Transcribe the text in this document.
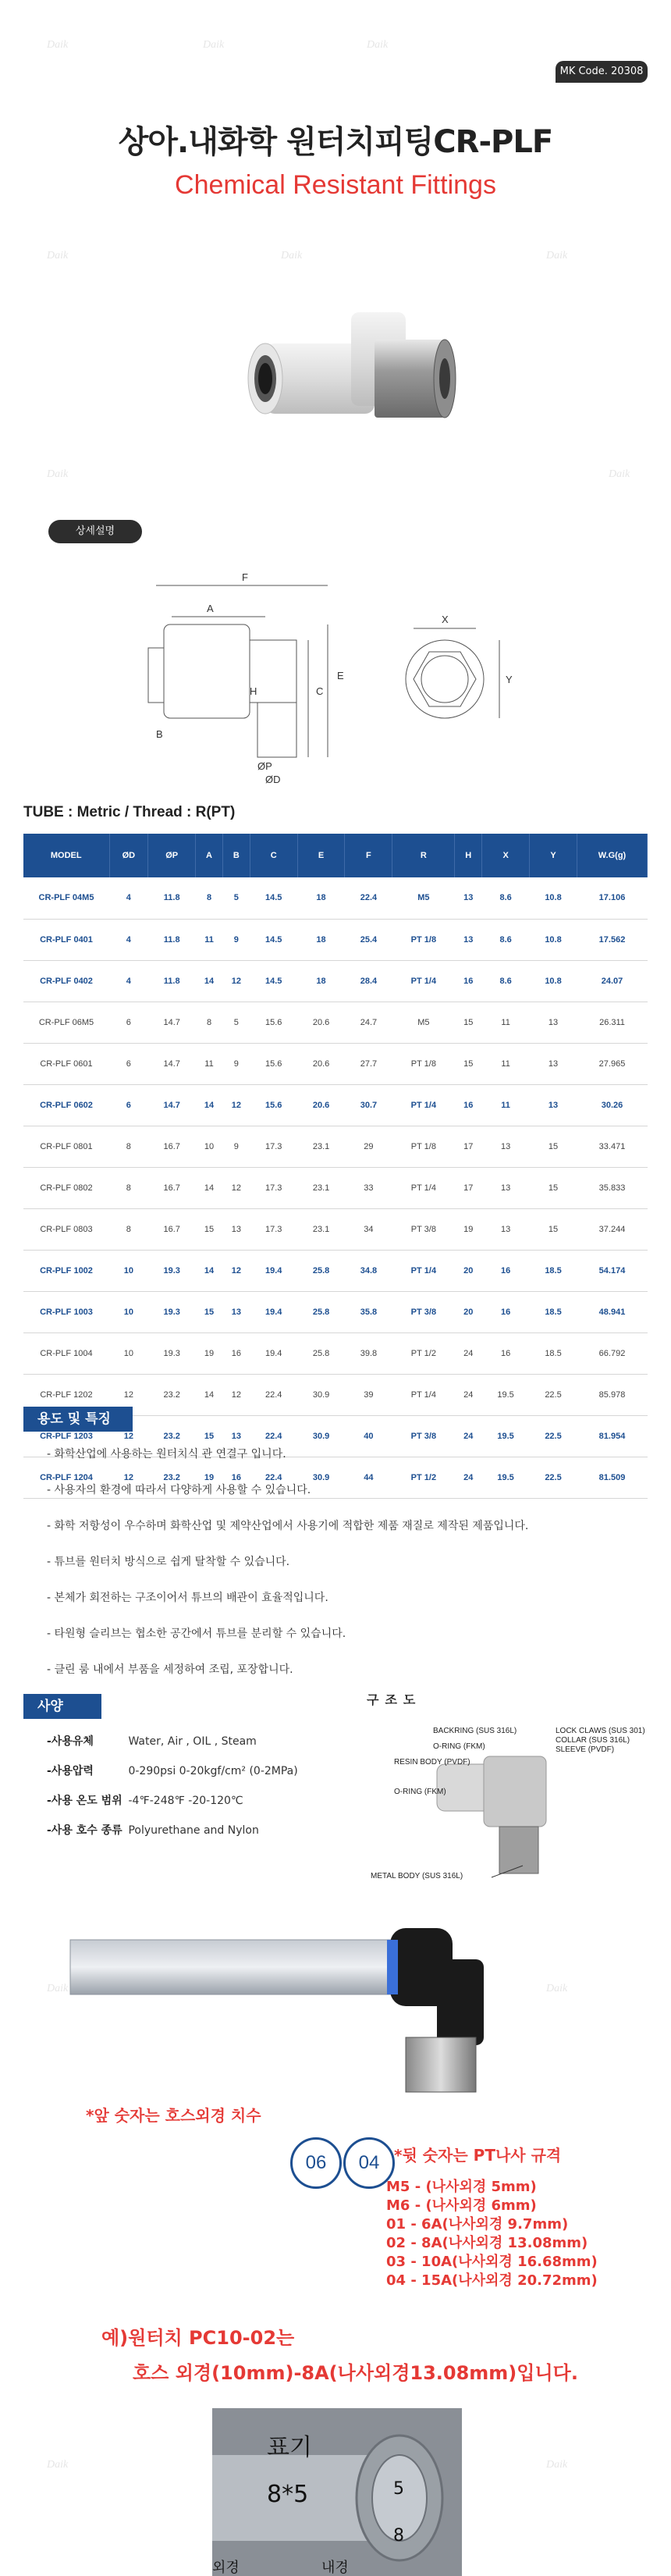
Daik	Daik	Daik
Daik	Daik	Daik
Daik	Daik
Daik	Daik
Daik	Daik
MK Code. 20308
상아.내화학 원터치피팅CR-PLF
Chemical Resistant Fittings
상세설명
F
A
B
H	C
E
ØP
ØD
X
Y
TUBE : Metric / Thread : R(PT)
MODEL	ØD	ØP	A	B	C	E	F	R	H	X	Y	W.G(g)
CR-PLF 04M5	4	11.8	8	5	14.5	18	22.4	M5	13	8.6	10.8	17.106
CR-PLF 0401	4	11.8	11	9	14.5	18	25.4	PT 1/8	13	8.6	10.8	17.562
CR-PLF 0402	4	11.8	14	12	14.5	18	28.4	PT 1/4	16	8.6	10.8	24.07
CR-PLF 06M5	6	14.7	8	5	15.6	20.6	24.7	M5	15	11	13	26.311
CR-PLF 0601	6	14.7	11	9	15.6	20.6	27.7	PT 1/8	15	11	13	27.965
CR-PLF 0602	6	14.7	14	12	15.6	20.6	30.7	PT 1/4	16	11	13	30.26
CR-PLF 0801	8	16.7	10	9	17.3	23.1	29	PT 1/8	17	13	15	33.471
CR-PLF 0802	8	16.7	14	12	17.3	23.1	33	PT 1/4	17	13	15	35.833
CR-PLF 0803	8	16.7	15	13	17.3	23.1	34	PT 3/8	19	13	15	37.244
CR-PLF 1002	10	19.3	14	12	19.4	25.8	34.8	PT 1/4	20	16	18.5	54.174
CR-PLF 1003	10	19.3	15	13	19.4	25.8	35.8	PT 3/8	20	16	18.5	48.941
CR-PLF 1004	10	19.3	19	16	19.4	25.8	39.8	PT 1/2	24	16	18.5	66.792
CR-PLF 1202	12	23.2	14	12	22.4	30.9	39	PT 1/4	24	19.5	22.5	85.978
CR-PLF 1203	12	23.2	15	13	22.4	30.9	40	PT 3/8	24	19.5	22.5	81.954
CR-PLF 1204	12	23.2	19	16	22.4	30.9	44	PT 1/2	24	19.5	22.5	81.509
용도 및 특징
- 화학산업에 사용하는 원터치식 관 연결구 입니다.
- 사용자의 환경에 따라서 다양하게 사용할 수 있습니다.
- 화학 저항성이 우수하며 화학산업 및 제약산업에서 사용기에 적합한 제품 재질로 제작된 제품입니다.
- 튜브를 원터치 방식으로 쉽게 탈착할 수 있습니다.
- 본체가 회전하는 구조이어서 튜브의 배관이 효율적입니다.
- 타원형 슬리브는 협소한 공간에서 튜브를 분리할 수 있습니다.
- 클린 룸 내에서 부품을 세정하여 조립, 포장합니다.
사양
-사용유체	Water, Air , OIL , Steam
-사용압력	0-290psi 0-20kgf/cm² (0-2MPa)
-사용 온도 범위 -4℉-248℉ -20-120℃
-사용 호수 종류 Polyurethane and Nylon
구조도
BACKRING (SUS 316L)
O-RING (FKM)
RESIN BODY (PVDF)
O-RING (FKM)
METAL BODY (SUS 316L)
LOCK CLAWS (SUS 301)
COLLAR (SUS 316L)
SLEEVE (PVDF)
*앞 숫자는 호스외경 치수
06	04 *뒷 숫자는 PT나사 규격
M5 - (나사외경 5mm)
M6 - (나사외경 6mm)
01 - 6A(나사외경 9.7mm)
02 - 8A(나사외경 13.08mm)
03 - 10A(나사외경 16.68mm)
04 - 15A(나사외경 20.72mm)
예)원터치 PC10-02는
호스 외경(10mm)-8A(나사외경13.08mm)입니다.
표기
8*5
외경	내경
5
8
